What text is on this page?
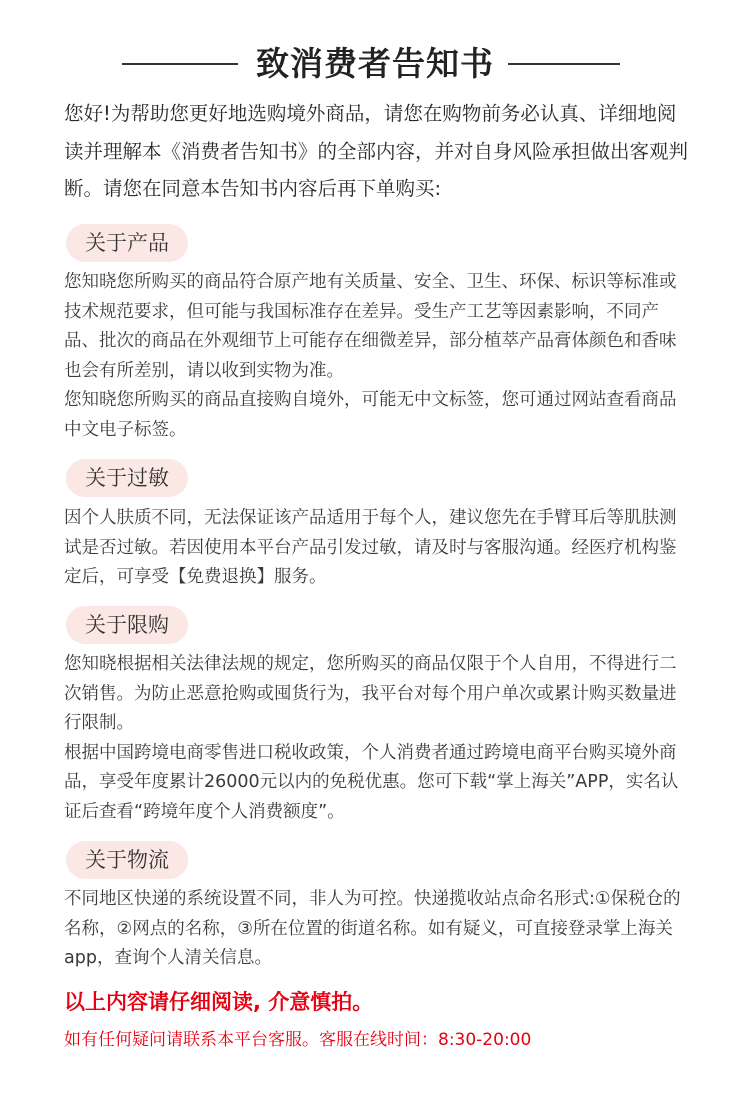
致消费者告知书
您好!为帮助您更好地选购境外商品，请您在购物前务必认真、详细地阅读并理解本《消费者告知书》的全部内容，并对自身风险承担做出客观判断。请您在同意本告知书内容后再下单购买:
关于产品

您知晓您所购买的商品符合原产地有关质量、安全、卫生、环保、标识等标准或技术规范要求，但可能与我国标准存在差异。受生产工艺等因素影响，不同产品、批次的商品在外观细节上可能存在细微差异，部分植萃产品膏体颜色和香味也会有所差别，请以收到实物为准。

您知晓您所购买的商品直接购自境外，可能无中文标签，您可通过网站查看商品中文电子标签。

关于过敏

因个人肤质不同，无法保证该产品适用于每个人，建议您先在手臂耳后等肌肤测试是否过敏。若因使用本平台产品引发过敏，请及时与客服沟通。经医疗机构鉴定后，可享受【免费退换】服务。

关于限购

您知晓根据相关法律法规的规定，您所购买的商品仅限于个人自用，不得进行二次销售。为防止恶意抢购或囤货行为，我平台对每个用户单次或累计购买数量进行限制。

根据中国跨境电商零售进口税收政策，个人消费者通过跨境电商平台购买境外商品，享受年度累计26000元以内的免税优惠。您可下载“掌上海关”APP，实名认证后查看“跨境年度个人消费额度”。

关于物流

不同地区快递的系统设置不同，非人为可控。快递揽收站点命名形式:①保税仓的名称，②网点的名称，③所在位置的街道名称。如有疑义，可直接登录掌上海关app，查询个人清关信息。

以上内容请仔细阅读, 介意慎拍。
如有任何疑问请联系本平台客服。客服在线时间：8:30-20:00
